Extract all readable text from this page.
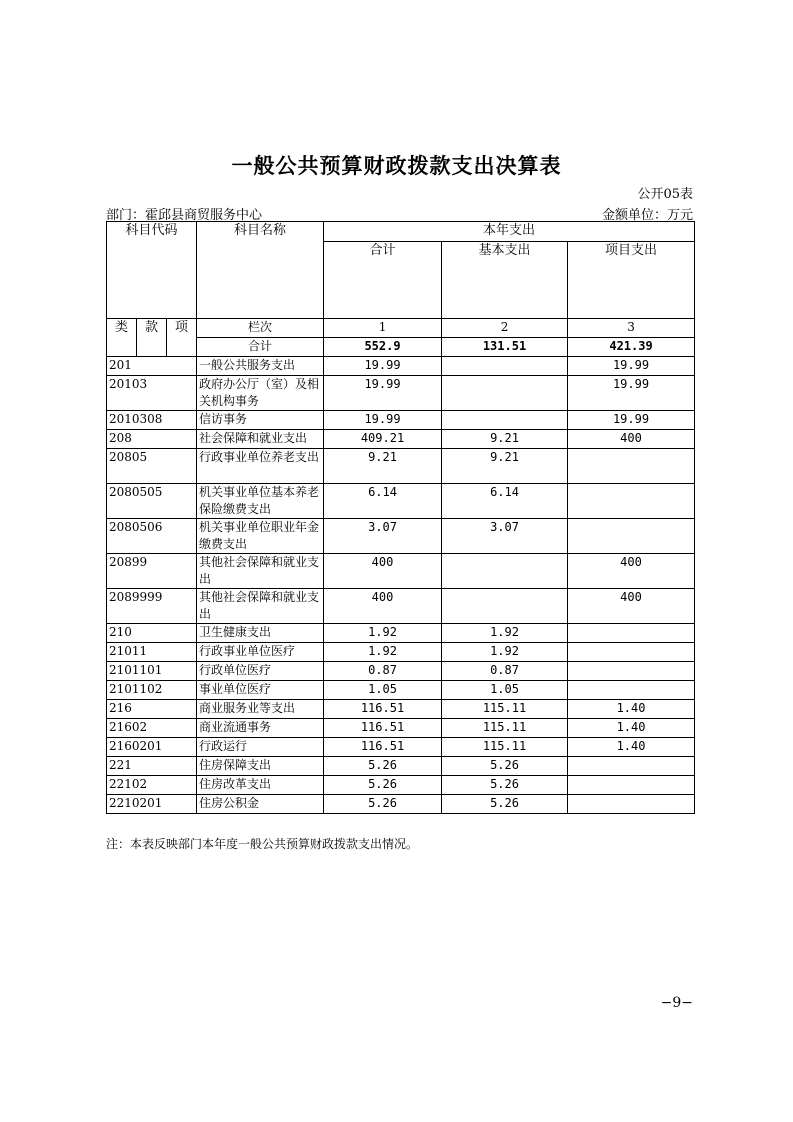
一般公共预算财政拨款支出决算表
公开05表
部门：霍邱县商贸服务中心	金额单位：万元
科目代码			科目名称	本年支出		
				合计	基本支出	项目支出
类	款	项	栏次	1	2	3
			合计	552.9	131.51	421.39
201			一般公共服务支出	19.99		19.99
20103			政府办公厅（室）及相关机构事务	19.99		19.99
2010308			信访事务	19.99		19.99
208			社会保障和就业支出	409.21	9.21	400
20805			行政事业单位养老支出	9.21	9.21	
2080505			机关事业单位基本养老保险缴费支出	6.14	6.14	
2080506			机关事业单位职业年金缴费支出	3.07	3.07	
20899			其他社会保障和就业支出	400		400
2089999			其他社会保障和就业支出	400		400
210			卫生健康支出	1.92	1.92	
21011			行政事业单位医疗	1.92	1.92	
2101101			行政单位医疗	0.87	0.87	
2101102			事业单位医疗	1.05	1.05	
216			商业服务业等支出	116.51	115.11	1.40
21602			商业流通事务	116.51	115.11	1.40
2160201			行政运行	116.51	115.11	1.40
221			住房保障支出	5.26	5.26	
22102			住房改革支出	5.26	5.26	
2210201			住房公积金	5.26	5.26	
注：本表反映部门本年度一般公共预算财政拨款支出情况。
−9−
